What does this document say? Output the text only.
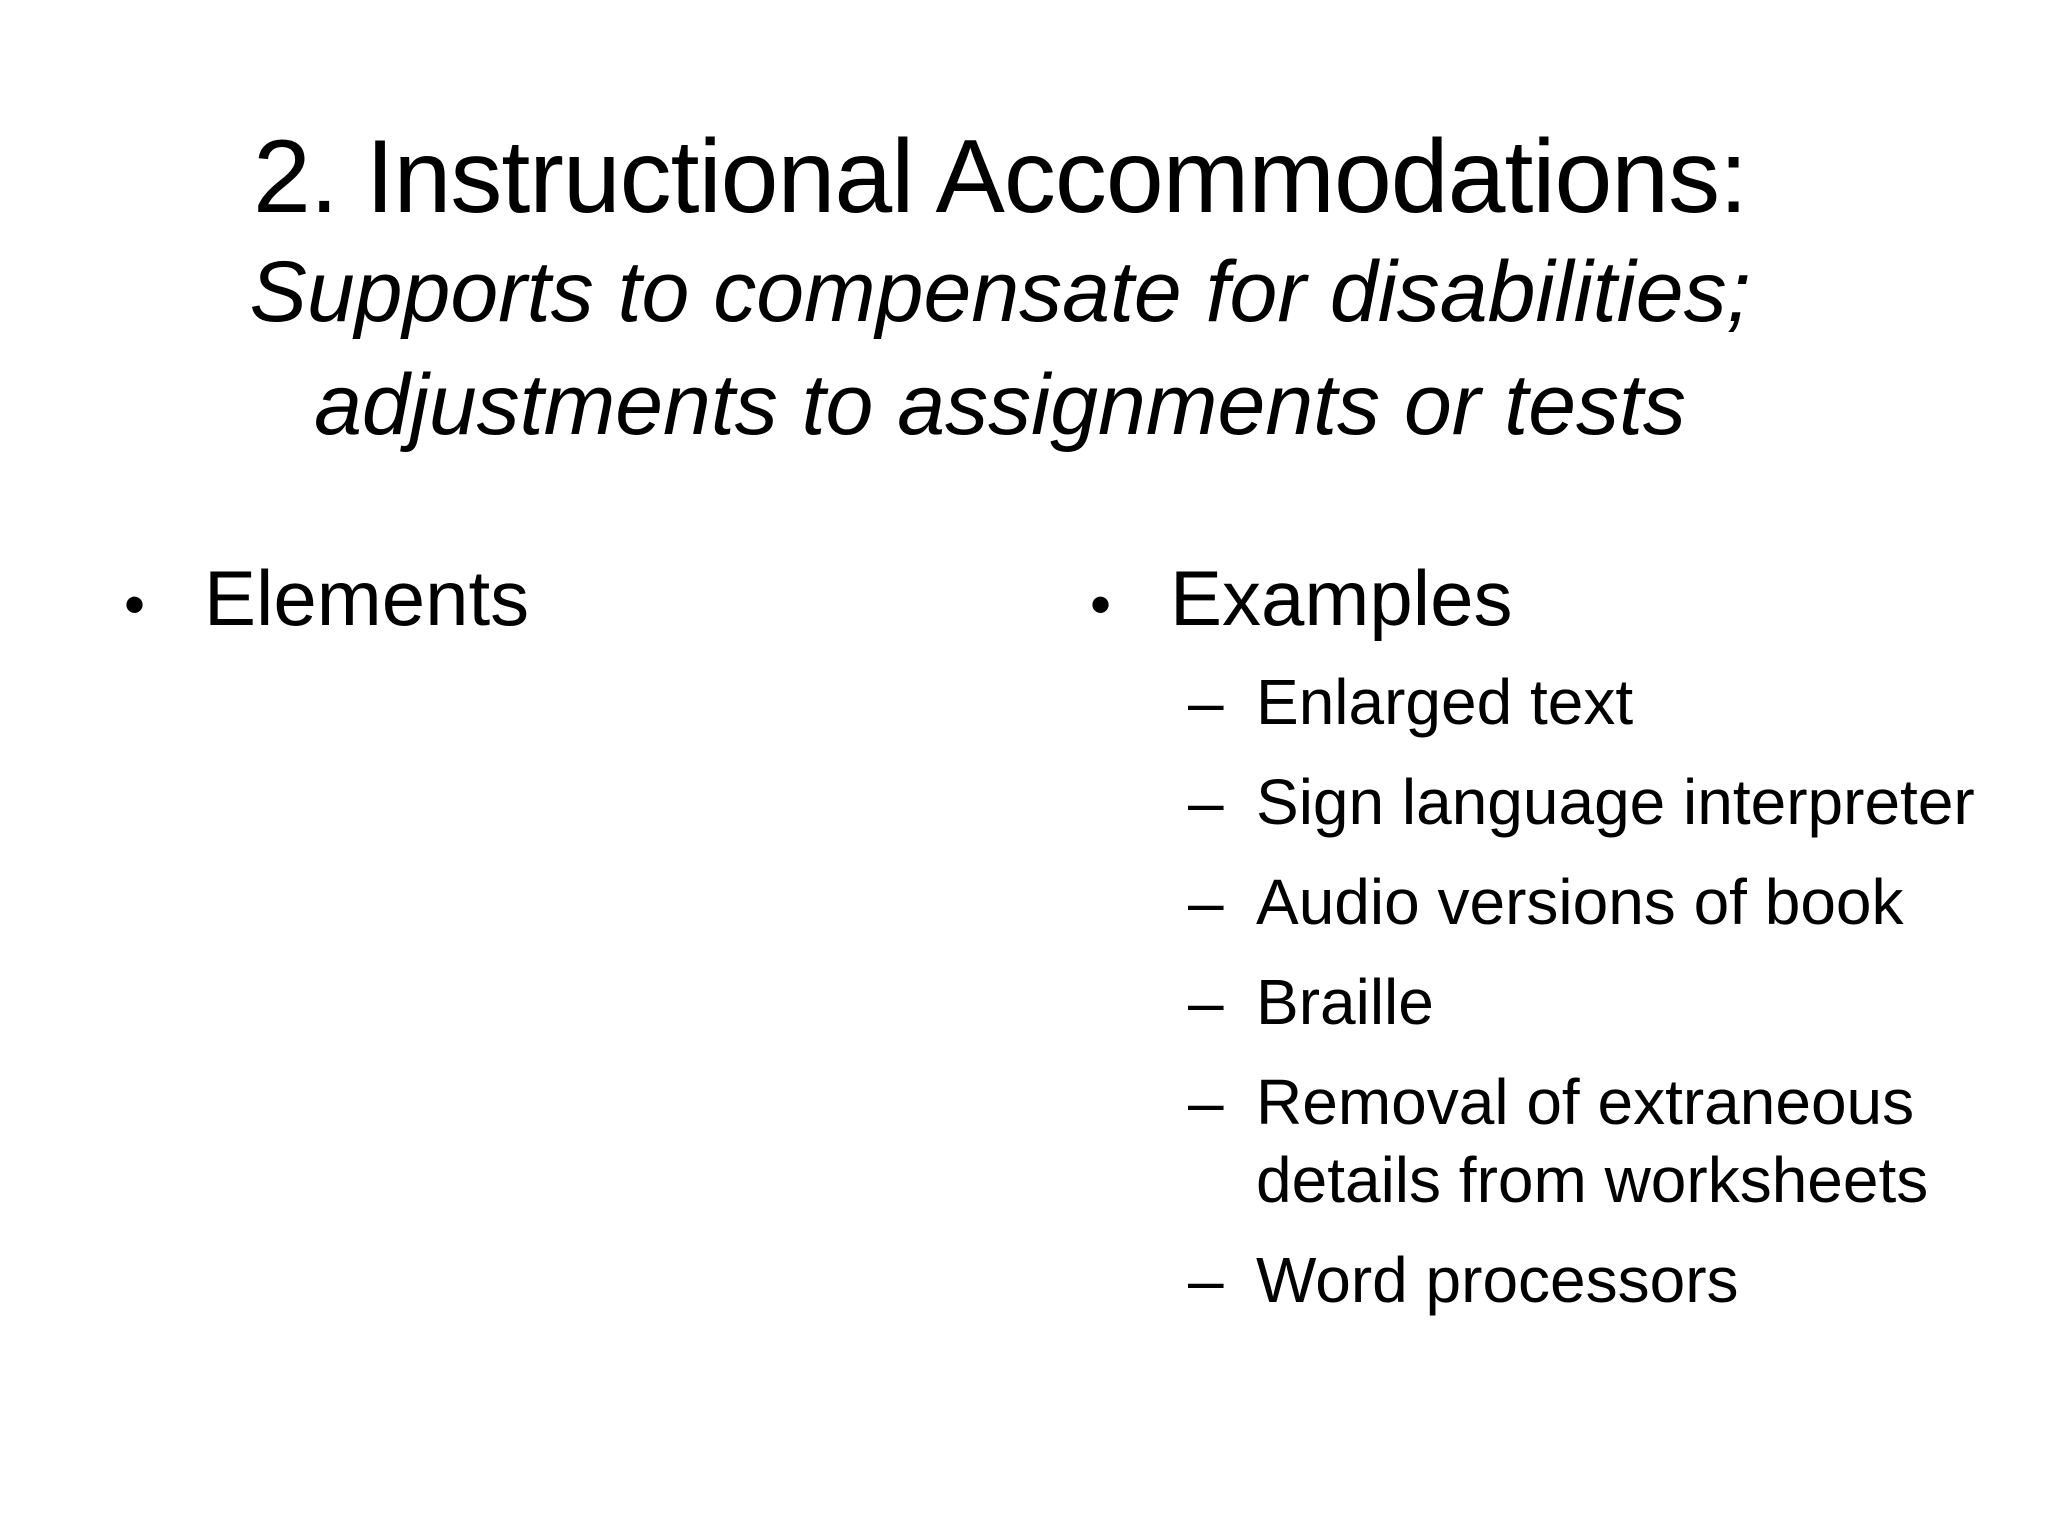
2. Instructional Accommodations:
Supports to compensate for disabilities;
adjustments to assignments or tests
• Elements	• Examples
– Enlarged text
– Sign language interpreter
– Audio versions of book
– Braille
– Removal of extraneous details from worksheets
– Word processors
